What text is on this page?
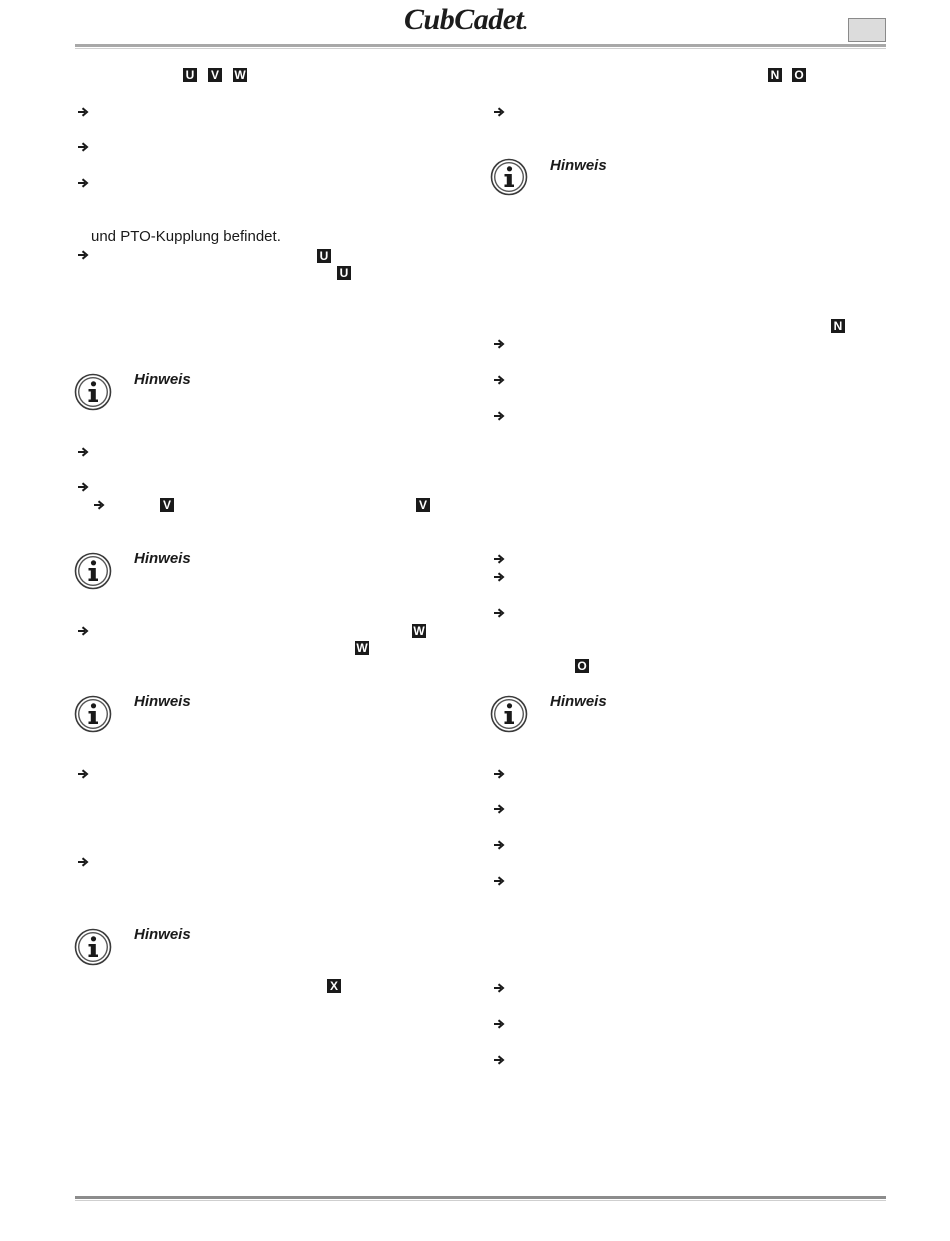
CubCadet.
U V W
und PTO-Kupplung befindet.
U
U
Hinweis
V	V
Hinweis
W
W
Hinweis
Hinweis
X
N O
Hinweis
N
O
Hinweis
